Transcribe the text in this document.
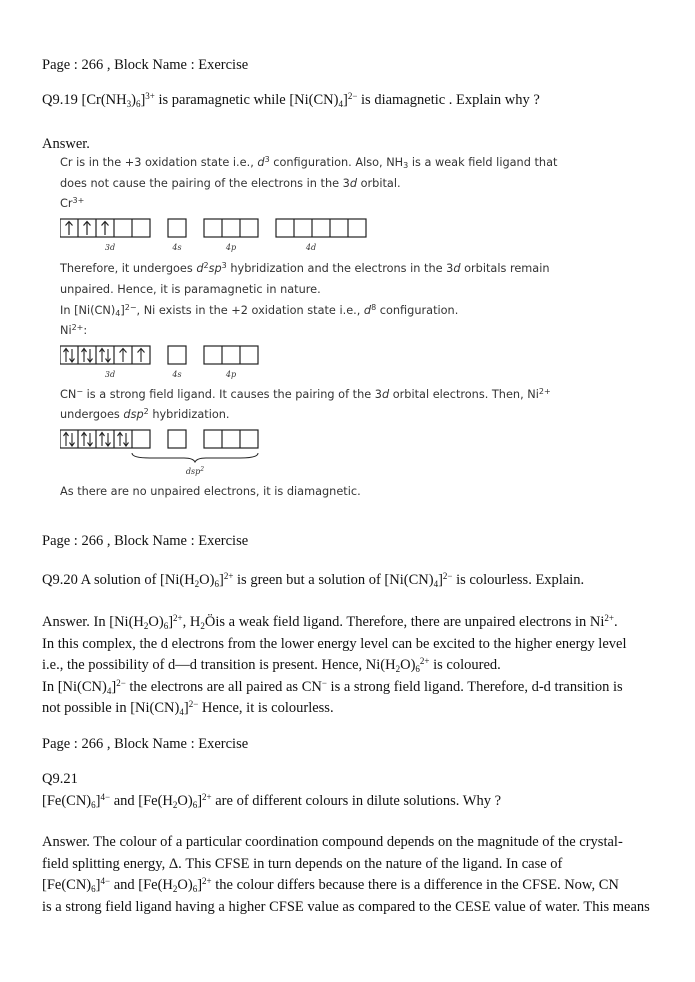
Page : 266 , Block Name : Exercise
Q9.19 $[Cr(NH_3)_6]^{3+}$ is paramagnetic while $[Ni(CN)_4]^{2-}$ is diamagnetic . Explain why ?
Answer.
Cr is in the +3 oxidation state i.e., $d^3$ configuration. Also, NH3 is a weak field ligand that
does not cause the pairing of the electrons in the 3d orbital.
$Cr^{3+}$
3d	4s	4p	4d
Therefore, it undergoes $d^2sp^3$ hybridization and the electrons in the 3d orbitals remain
unpaired. Hence, it is paramagnetic in nature.
In $[Ni(CN)4]^{2-}$, Ni exists in the +2 oxidation state i.e., $d^8$ configuration.
$Ni^{2+}$:
3d	4s	4p
CN− is a strong field ligand. It causes the pairing of the 3d orbital electrons. Then, $Ni^{2+}$
undergoes dsp$^2$ hybridization.
dsp$^2$
As there are no unpaired electrons, it is diamagnetic.
Page : 266 , Block Name : Exercise
Q9.20 A solution of $[Ni(H_2O)_6]^{2+}$ is green but a solution of $[Ni(CN)_4]^{2-}$ is colourless. Explain.
Answer. In $[Ni(H_2O)_6]^{2+}$, $H_2Öis$ a weak field ligand. Therefore, there are unpaired electrons in $Ni^{2+}$.
In this complex, the d electrons from the lower energy level can be excited to the higher energy level
i.e., the possibility of d—d transition is present. Hence, $Ni(H_2O)_6^{2+}$ is coloured.
In $[Ni(CN)_4]^{2-}$ the electrons are all paired as CN− is a strong field ligand. Therefore, d-d transition is
not possible in $[Ni(CN)_4]^{2-}$ Hence, it is colourless.
Page : 266 , Block Name : Exercise
Q9.21
$[Fe(CN)_6]^{4-}$ and $[Fe(H_2O)_6]^{2+}$ are of different colours in dilute solutions. Why ?
Answer. The colour of a particular coordination compound depends on the magnitude of the crystal-
field splitting energy, Δ. This CFSE in turn depends on the nature of the ligand. In case of
$[Fe(CN)_6]^{4-}$ and $[Fe(H_2O)_6]^{2+}$ the colour differs because there is a difference in the CFSE. Now, CN
is a strong field ligand having a higher CFSE value as compared to the CESE value of water. This means
